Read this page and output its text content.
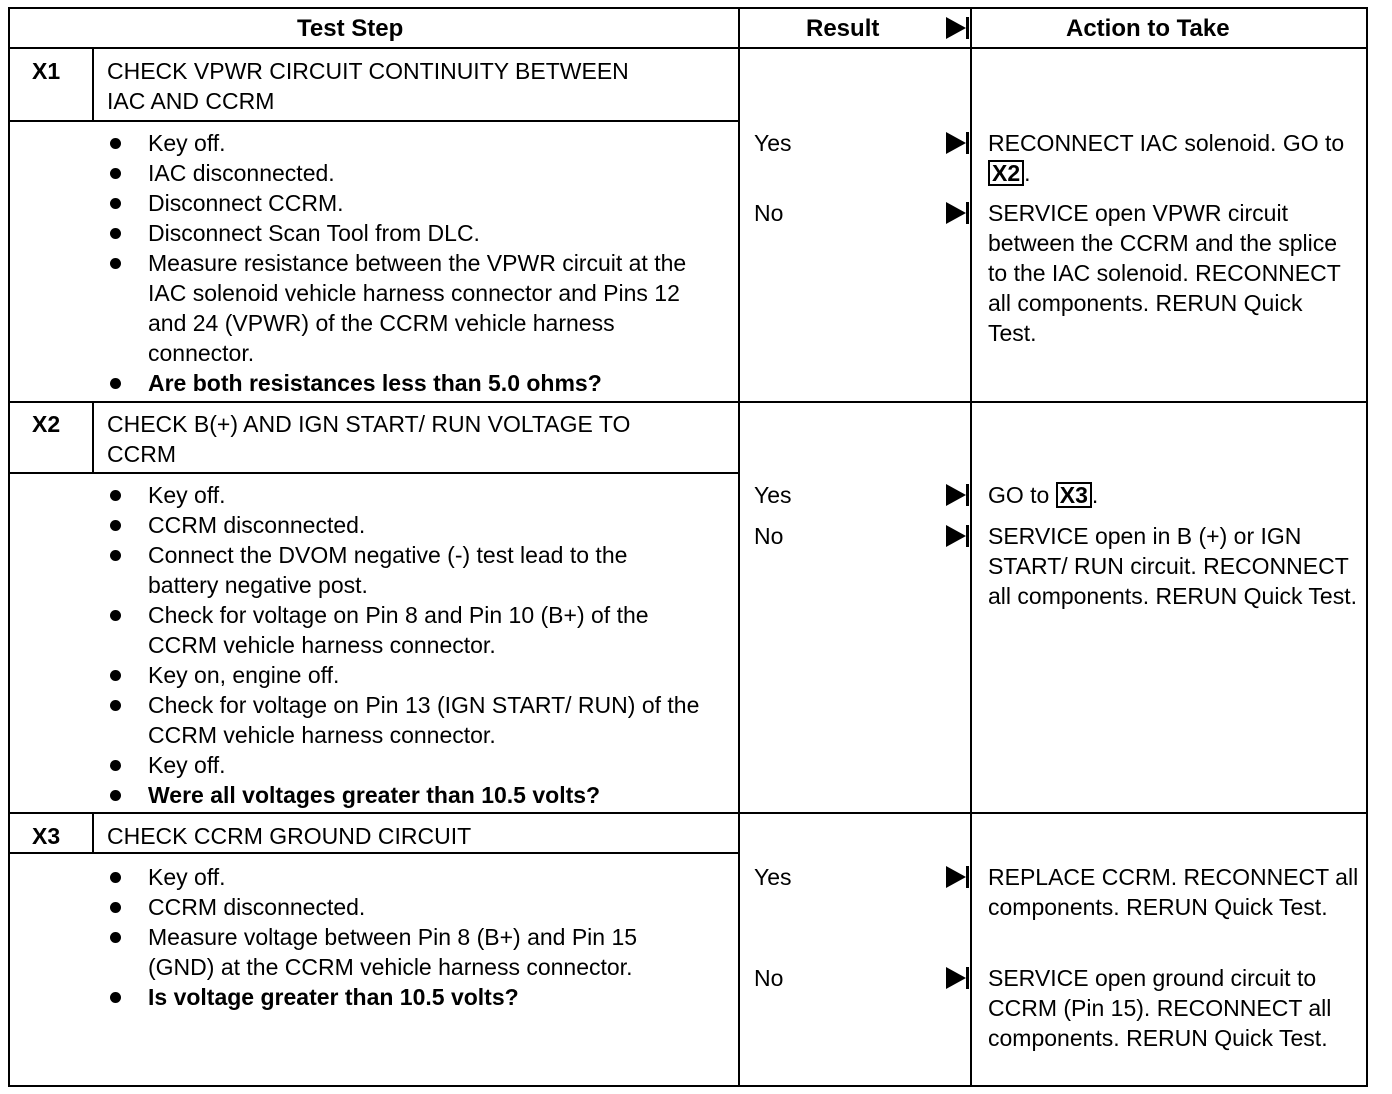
Test Step	Result	Action to Take
X1 CHECK VPWR CIRCUIT CONTINUITY BETWEEN
IAC AND CCRM
Key off.
IAC disconnected.
Disconnect CCRM.
Disconnect Scan Tool from DLC.
Measure resistance between the VPWR circuit at the IAC solenoid vehicle harness connector and Pins 12 and 24 (VPWR) of the CCRM vehicle harness connector.
Are both resistances less than 5.0 ohms?
Yes	RECONNECT IAC solenoid. GO to X2 .
No	SERVICE open VPWR circuit between the CCRM and the splice to the IAC solenoid. RECONNECT all components. RERUN Quick Test.
X2 CHECK B(+) AND IGN START/ RUN VOLTAGE TO
CCRM
Key off.
CCRM disconnected.
Connect the DVOM negative (-) test lead to the battery negative post.
Check for voltage on Pin 8 and Pin 10 (B+) of the CCRM vehicle harness connector.
Key on, engine off.
Check for voltage on Pin 13 (IGN START/ RUN) of the CCRM vehicle harness connector.
Key off.
Were all voltages greater than 10.5 volts?
Yes	GO to X3 .
No	SERVICE open in B (+) or IGN START/ RUN circuit. RECONNECT all components. RERUN Quick Test.
X3 CHECK CCRM GROUND CIRCUIT
Key off.
CCRM disconnected.
Measure voltage between Pin 8 (B+) and Pin 15 (GND) at the CCRM vehicle harness connector.
Is voltage greater than 10.5 volts?
Yes	REPLACE CCRM. RECONNECT all components. RERUN Quick Test.
No	SERVICE open ground circuit to CCRM (Pin 15). RECONNECT all components. RERUN Quick Test.
